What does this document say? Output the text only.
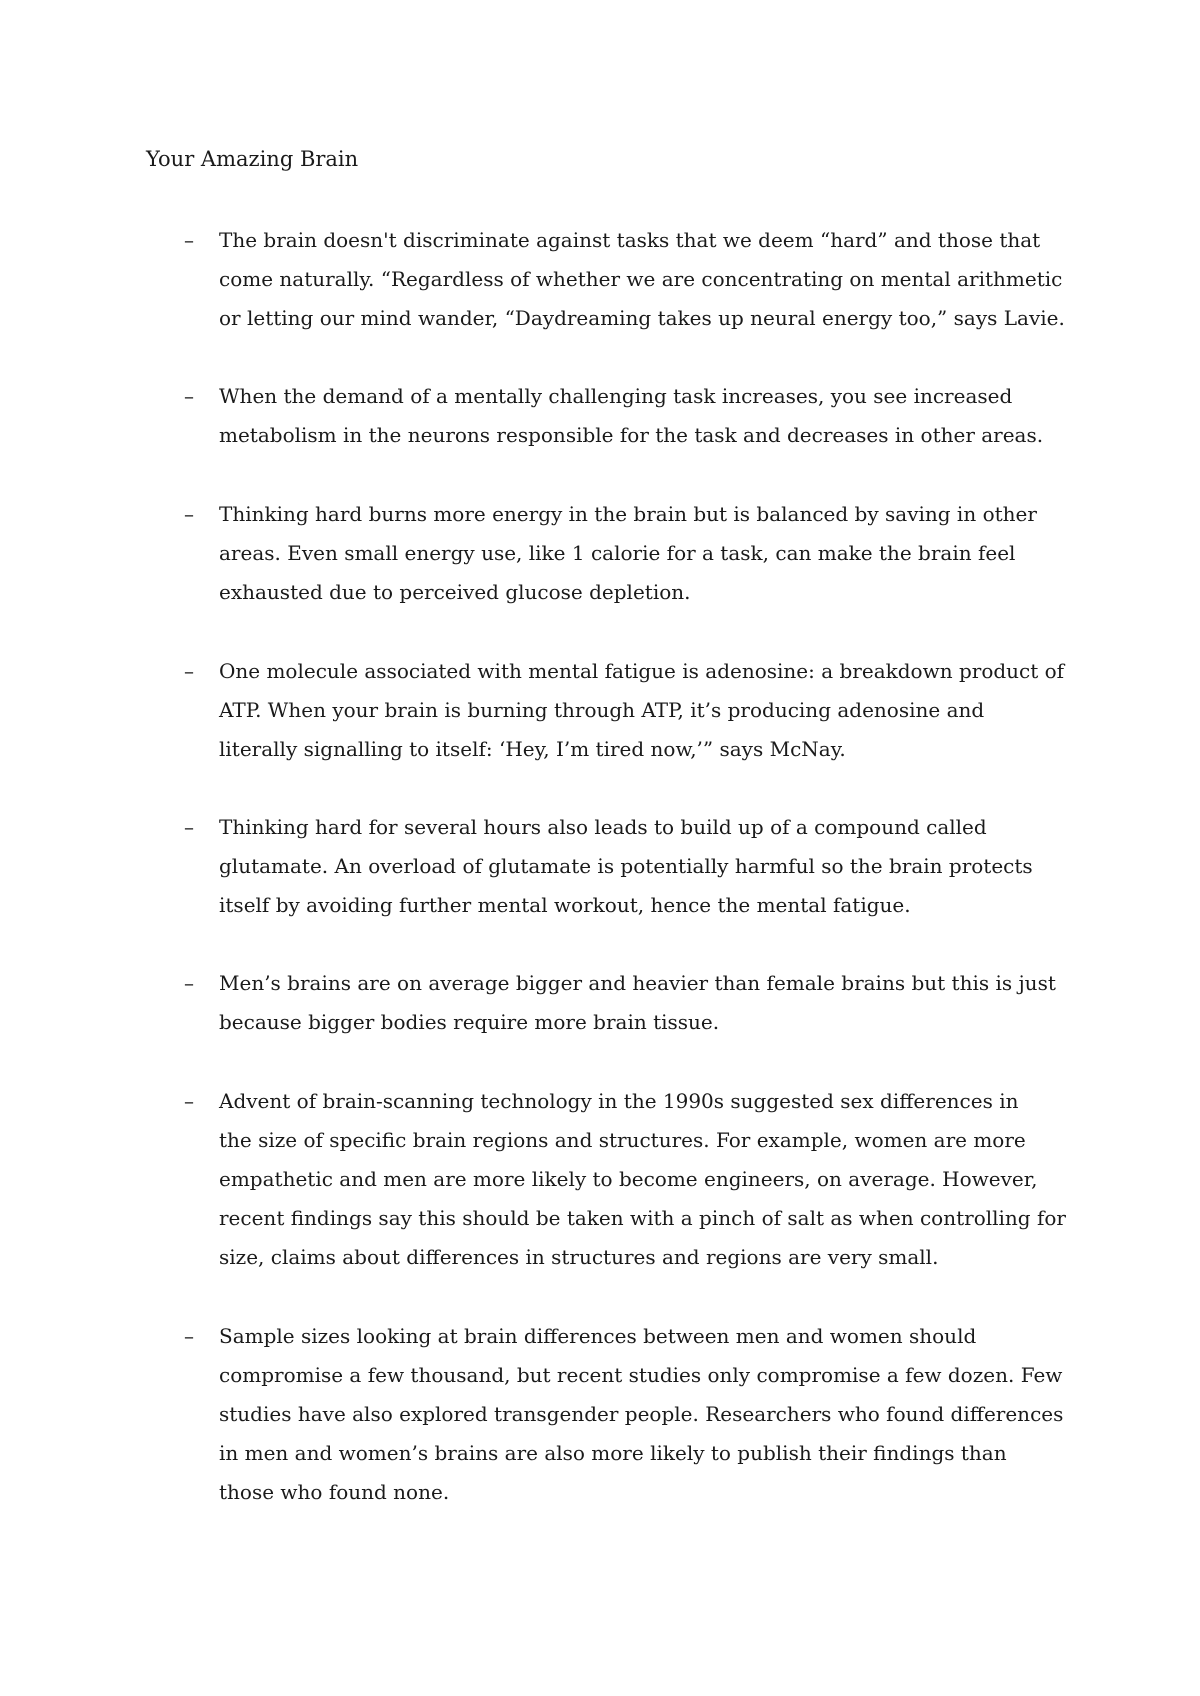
Your Amazing Brain
– The brain doesn't discriminate against tasks that we deem “hard” and those that
come naturally. “Regardless of whether we are concentrating on mental arithmetic
or letting our mind wander, “Daydreaming takes up neural energy too,” says Lavie.

– When the demand of a mentally challenging task increases, you see increased
metabolism in the neurons responsible for the task and decreases in other areas.

– Thinking hard burns more energy in the brain but is balanced by saving in other
areas. Even small energy use, like 1 calorie for a task, can make the brain feel
exhausted due to perceived glucose depletion.

– One molecule associated with mental fatigue is adenosine: a breakdown product of
ATP. When your brain is burning through ATP, it’s producing adenosine and
literally signalling to itself: ‘Hey, I’m tired now,’” says McNay.

– Thinking hard for several hours also leads to build up of a compound called
glutamate. An overload of glutamate is potentially harmful so the brain protects
itself by avoiding further mental workout, hence the mental fatigue.

– Men’s brains are on average bigger and heavier than female brains but this is just
because bigger bodies require more brain tissue.

– Advent of brain-scanning technology in the 1990s suggested sex differences in
the size of specific brain regions and structures. For example, women are more
empathetic and men are more likely to become engineers, on average. However,
recent findings say this should be taken with a pinch of salt as when controlling for
size, claims about differences in structures and regions are very small.

– Sample sizes looking at brain differences between men and women should
compromise a few thousand, but recent studies only compromise a few dozen. Few
studies have also explored transgender people. Researchers who found differences
in men and women’s brains are also more likely to publish their findings than
those who found none.
